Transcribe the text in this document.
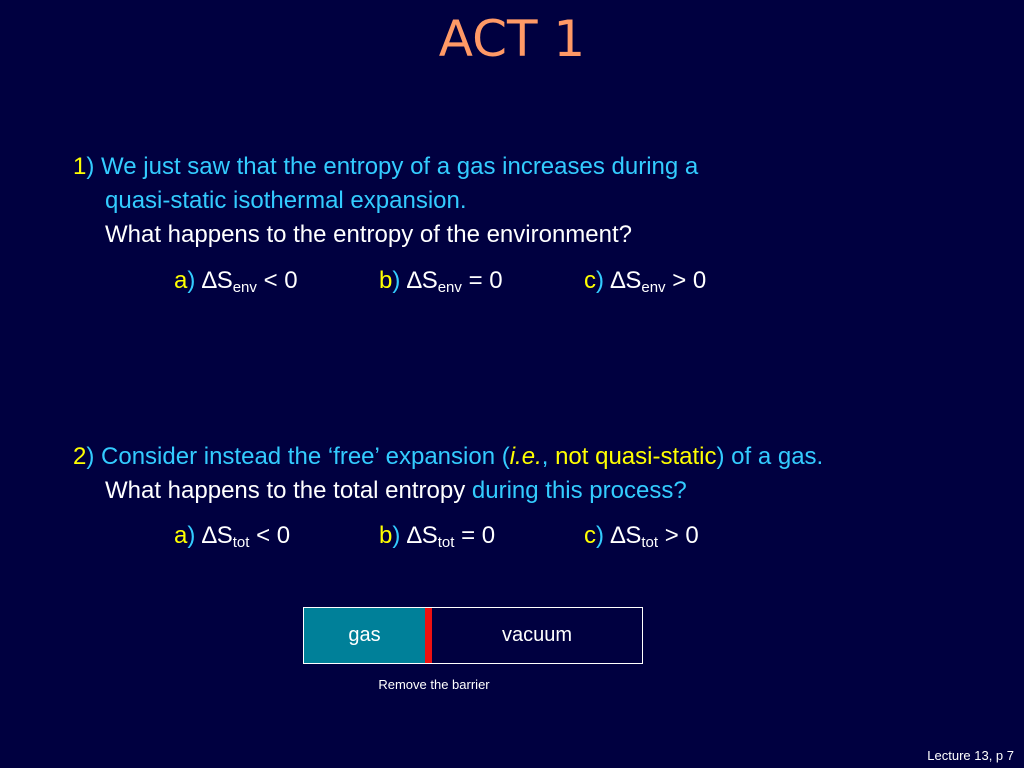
ACT 1
1) We just saw that the entropy of a gas increases during a
quasi-static isothermal expansion.
What happens to the entropy of the environment?
a) $\Delta S_{env} < 0$	b) $\Delta S_{env} = 0$	c) $\Delta S_{env} > 0$
2) Consider instead the ‘free’ expansion (i.e., not quasi-static) of a gas.
What happens to the total entropy during this process?
a) $\Delta S_{tot} < 0$	b) $\Delta S_{tot} = 0$	c) $\Delta S_{tot} > 0$
gas	vacuum
Remove the barrier
Lecture 13, p 7
